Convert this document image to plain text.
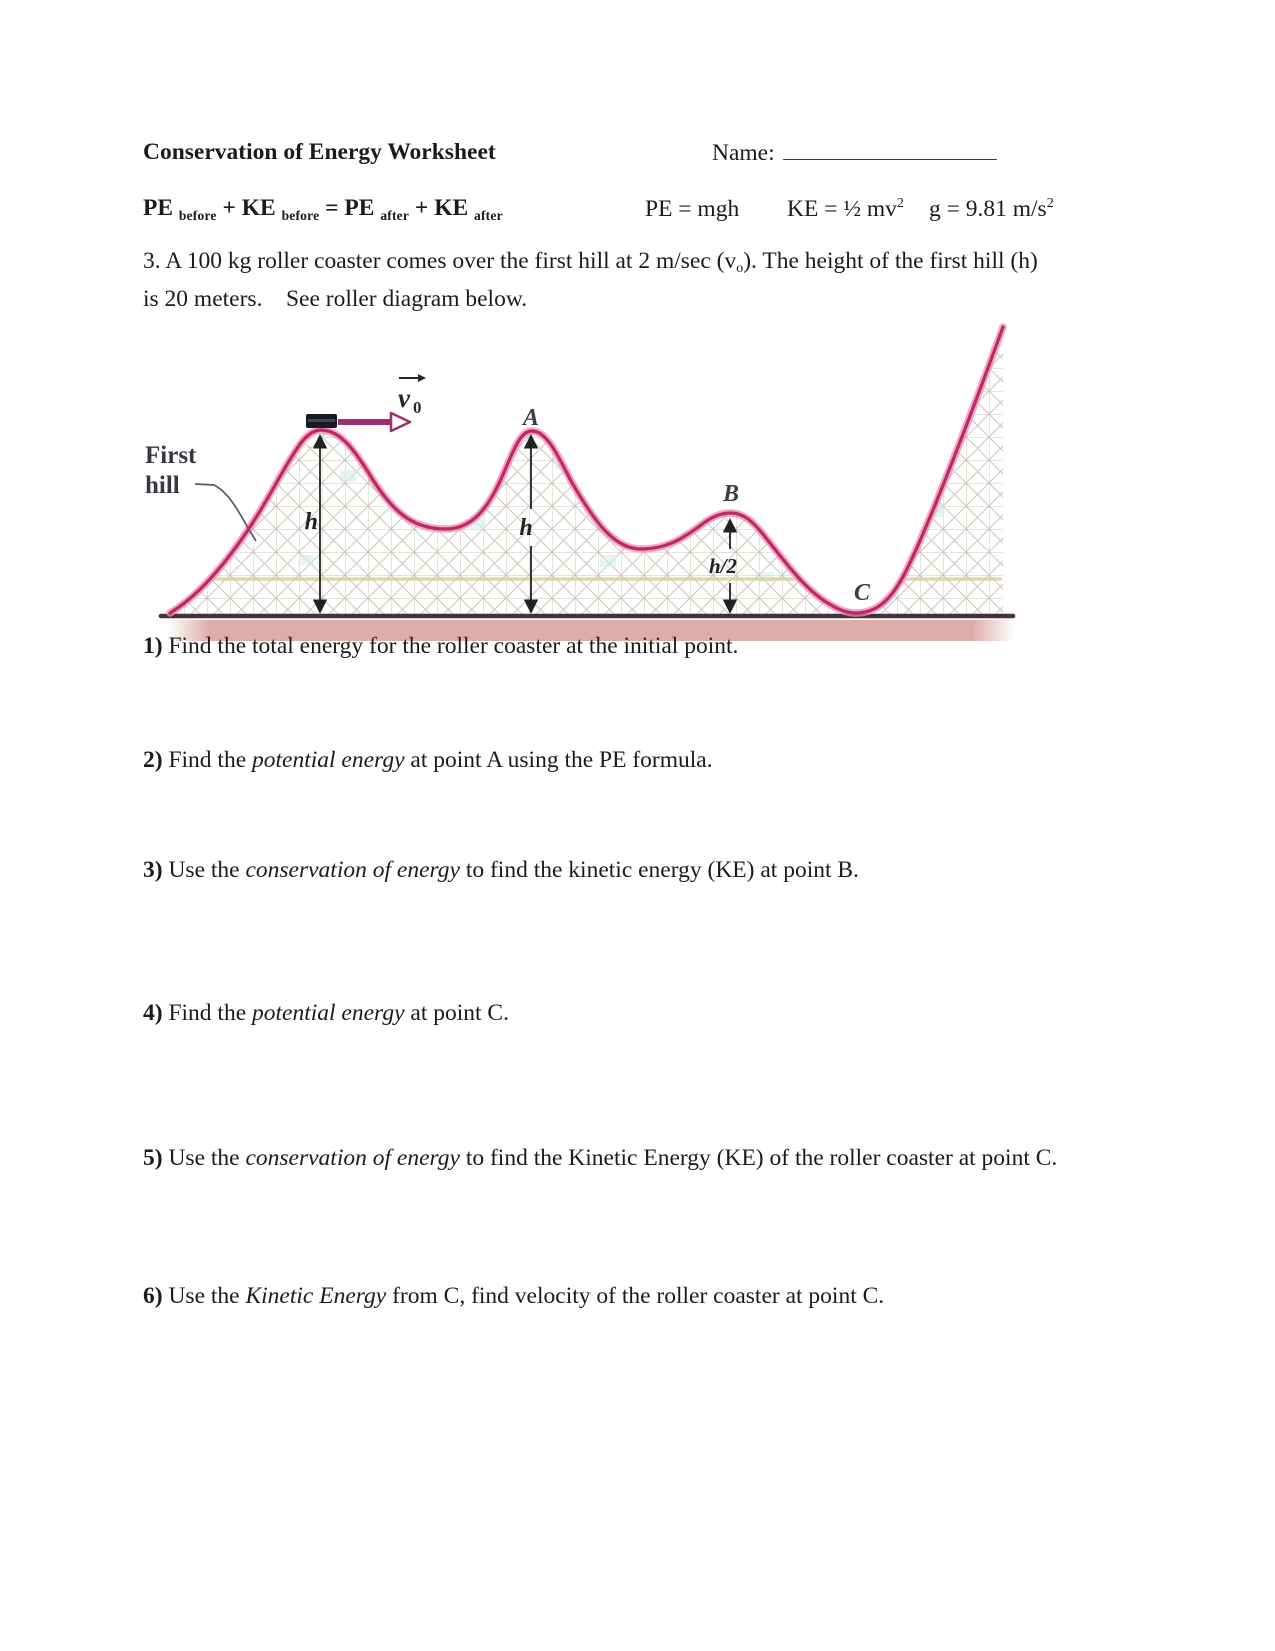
Conservation of Energy Worksheet	Name:
PE $_{before}$ + KE $_{before}$ = PE $_{after}$ + KE $_{after}$	PE = mgh KE = ½ $mv^2$ g = 9.81 $m/s^2$
3. A 100 kg roller coaster comes over the first hill at 2 m/sec $(v_o)$. The height of the first hill (h)
is 20 meters.    See roller diagram below.
h	h
h/2
A
B
C
First
hill
v 0
1) Find the total energy for the roller coaster at the initial point.
2) Find the potential energy at point A using the PE formula.
3) Use the conservation of energy to find the kinetic energy (KE) at point B.
4) Find the potential energy at point C.
5) Use the conservation of energy to find the Kinetic Energy (KE) of the roller coaster at point C.
6) Use the Kinetic Energy from C, find velocity of the roller coaster at point C.
